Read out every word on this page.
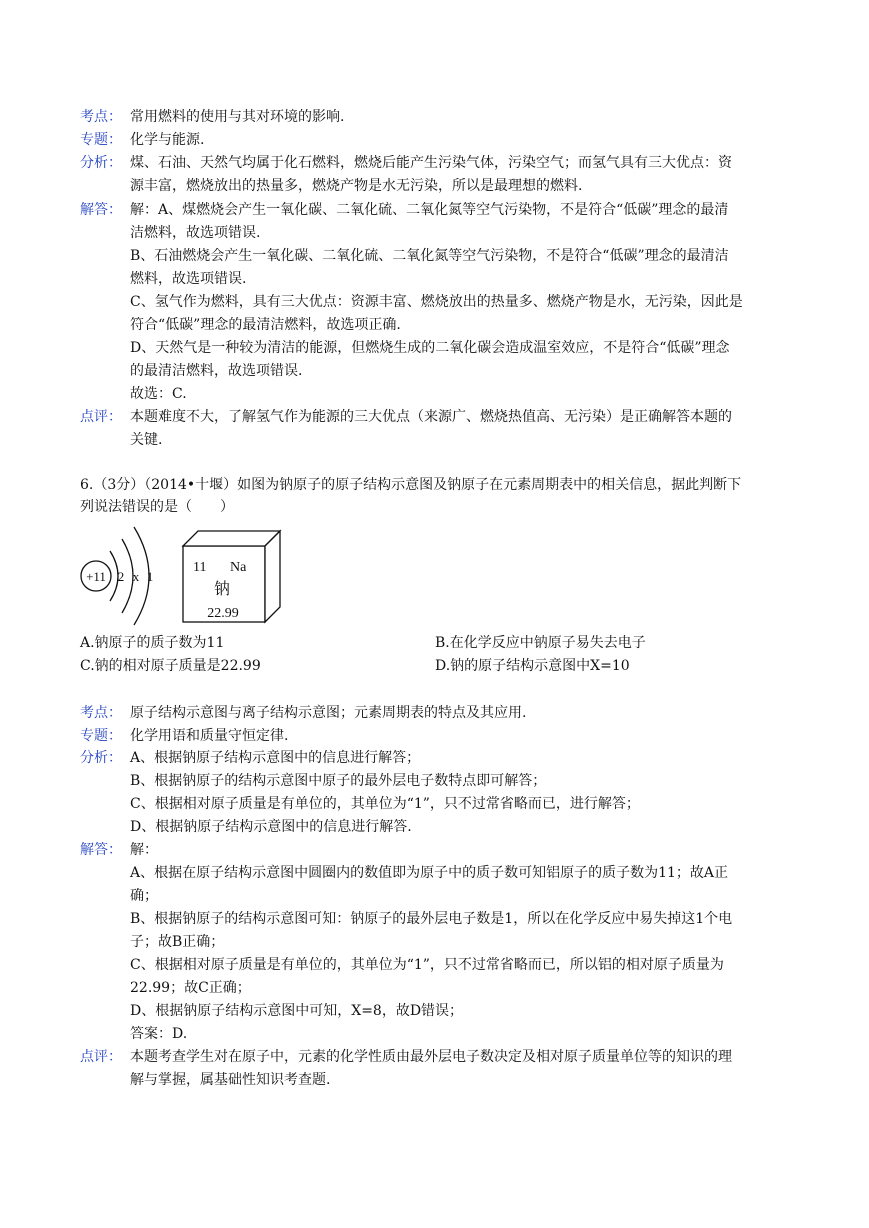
考点： 常用燃料的使用与其对环境的影响.
专题： 化学与能源.
分析： 煤、石油、天然气均属于化石燃料，燃烧后能产生污染气体，污染空气；而氢气具有三大优点：资
源丰富，燃烧放出的热量多，燃烧产物是水无污染，所以是最理想的燃料.
解答： 解：A、煤燃烧会产生一氧化碳、二氧化硫、二氧化氮等空气污染物，不是符合“低碳”理念的最清
洁燃料，故选项错误.
B、石油燃烧会产生一氧化碳、二氧化硫、二氧化氮等空气污染物，不是符合“低碳”理念的最清洁
燃料，故选项错误.
C、氢气作为燃料，具有三大优点：资源丰富、燃烧放出的热量多、燃烧产物是水，无污染，因此是
符合“低碳”理念的最清洁燃料，故选项正确.
D、天然气是一种较为清洁的能源，但燃烧生成的二氧化碳会造成温室效应，不是符合“低碳”理念
的最清洁燃料，故选项错误.
故选：C.
点评： 本题难度不大，了解氢气作为能源的三大优点（来源广、燃烧热值高、无污染）是正确解答本题的
关键.
6.（3分）（2014•十堰）如图为钠原子的原子结构示意图及钠原子在元素周期表中的相关信息，据此判断下
列说法错误的是（　　）
+11 2 x 1
11 Na
钠
22.99
A.钠原子的质子数为11	B.在化学反应中钠原子易失去电子
C.钠的相对原子质量是22.99	D.钠的原子结构示意图中X=10
考点： 原子结构示意图与离子结构示意图；元素周期表的特点及其应用.
专题： 化学用语和质量守恒定律.
分析： A、根据钠原子结构示意图中的信息进行解答；
B、根据钠原子的结构示意图中原子的最外层电子数特点即可解答；
C、根据相对原子质量是有单位的，其单位为“1”，只不过常省略而已，进行解答；
D、根据钠原子结构示意图中的信息进行解答.
解答： 解：
A、根据在原子结构示意图中圆圈内的数值即为原子中的质子数可知铝原子的质子数为11；故A正
确；
B、根据钠原子的结构示意图可知：钠原子的最外层电子数是1，所以在化学反应中易失掉这1个电
子；故B正确；
C、根据相对原子质量是有单位的，其单位为“1”，只不过常省略而已，所以铝的相对原子质量为
22.99；故C正确；
D、根据钠原子结构示意图中可知，X=8，故D错误；
答案：D.
点评： 本题考查学生对在原子中，元素的化学性质由最外层电子数决定及相对原子质量单位等的知识的理
解与掌握，属基础性知识考查题.
